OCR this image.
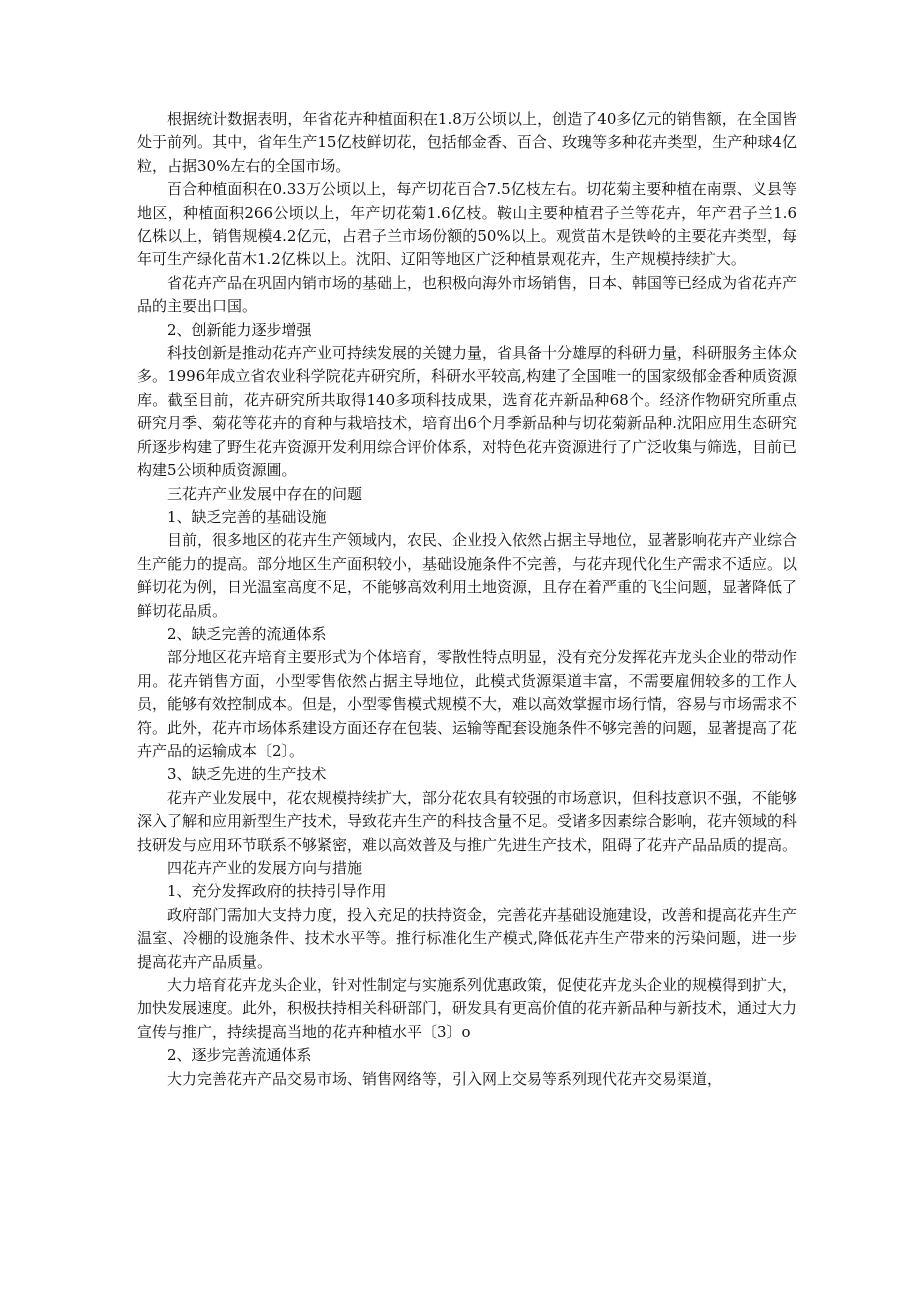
根据统计数据表明，年省花卉种植面积在1.8万公顷以上，创造了40多亿元的销售额，在全国皆处于前列。其中，省年生产15亿枝鲜切花，包括郁金香、百合、玫瑰等多种花卉类型，生产种球4亿粒，占据30%左右的全国市场。

百合种植面积在0.33万公顷以上，每产切花百合7.5亿枝左右。切花菊主要种植在南票、义县等地区，种植面积266公顷以上，年产切花菊1.6亿枝。鞍山主要种植君子兰等花卉，年产君子兰1.6亿株以上，销售规模4.2亿元，占君子兰市场份额的50%以上。观赏苗木是铁岭的主要花卉类型，每年可生产绿化苗木1.2亿株以上。沈阳、辽阳等地区广泛种植景观花卉，生产规模持续扩大。

省花卉产品在巩固内销市场的基础上，也积极向海外市场销售，日本、韩国等已经成为省花卉产品的主要出口国。

2、创新能力逐步增强

科技创新是推动花卉产业可持续发展的关键力量，省具备十分雄厚的科研力量，科研服务主体众多。1996年成立省农业科学院花卉研究所，科研水平较高,构建了全国唯一的国家级郁金香种质资源库。截至目前，花卉研究所共取得140多项科技成果，选育花卉新品种68个。经济作物研究所重点研究月季、菊花等花卉的育种与栽培技术，培育出6个月季新品种与切花菊新品种.沈阳应用生态研究所逐步构建了野生花卉资源开发利用综合评价体系，对特色花卉资源进行了广泛收集与筛选，目前已构建5公顷种质资源圃。

三花卉产业发展中存在的问题

1、缺乏完善的基础设施

目前，很多地区的花卉生产领域内，农民、企业投入依然占据主导地位，显著影响花卉产业综合生产能力的提高。部分地区生产面积较小，基础设施条件不完善，与花卉现代化生产需求不适应。以鲜切花为例，日光温室高度不足，不能够高效利用土地资源，且存在着严重的飞尘问题，显著降低了鲜切花品质。

2、缺乏完善的流通体系

部分地区花卉培育主要形式为个体培育，零散性特点明显，没有充分发挥花卉龙头企业的带动作用。花卉销售方面，小型零售依然占据主导地位，此模式货源渠道丰富，不需要雇佣较多的工作人员，能够有效控制成本。但是，小型零售模式规模不大，难以高效掌握市场行情，容易与市场需求不符。此外，花卉市场体系建设方面还存在包装、运输等配套设施条件不够完善的问题，显著提高了花卉产品的运输成本〔2〕。

3、缺乏先进的生产技术

花卉产业发展中，花农规模持续扩大，部分花农具有较强的市场意识，但科技意识不强，不能够深入了解和应用新型生产技术，导致花卉生产的科技含量不足。受诸多因素综合影响，花卉领域的科技研发与应用环节联系不够紧密，难以高效普及与推广先进生产技术，阻碍了花卉产品品质的提高。

四花卉产业的发展方向与措施

1、充分发挥政府的扶持引导作用

政府部门需加大支持力度，投入充足的扶持资金，完善花卉基础设施建设，改善和提高花卉生产温室、冷棚的设施条件、技术水平等。推行标准化生产模式,降低花卉生产带来的污染问题，进一步提高花卉产品质量。

大力培育花卉龙头企业，针对性制定与实施系列优惠政策，促使花卉龙头企业的规模得到扩大，加快发展速度。此外，积极扶持相关科研部门，研发具有更高价值的花卉新品种与新技术，通过大力宣传与推广，持续提高当地的花卉种植水平〔3〕o

2、逐步完善流通体系

大力完善花卉产品交易市场、销售网络等，引入网上交易等系列现代花卉交易渠道，
